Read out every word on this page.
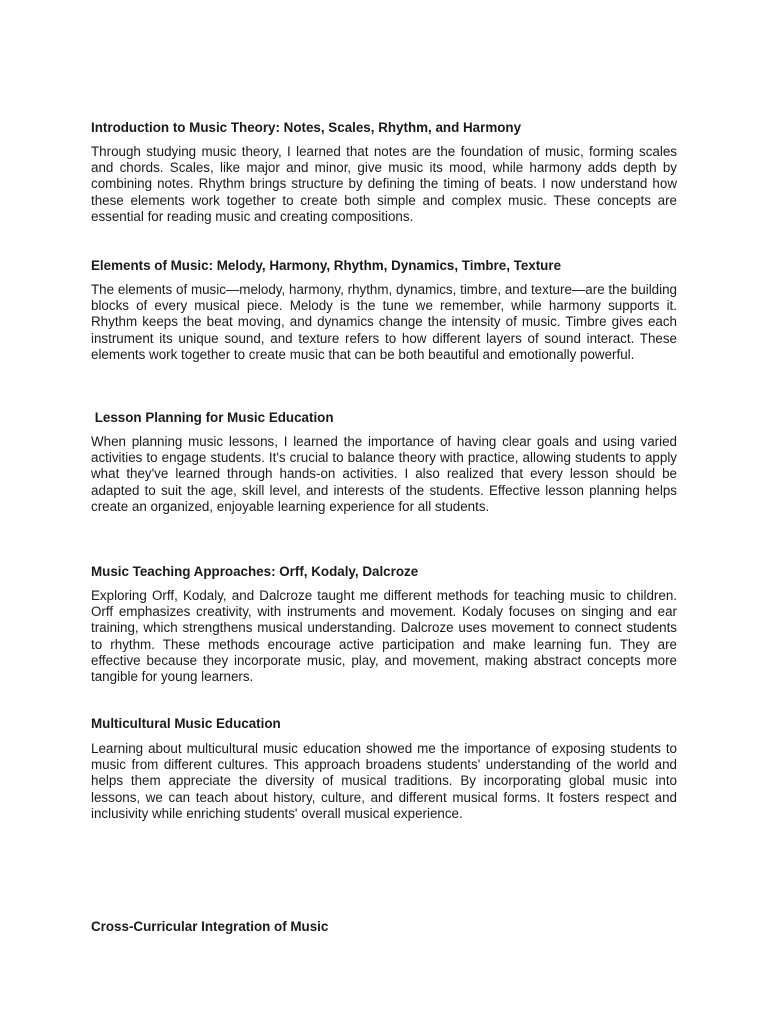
Introduction to Music Theory: Notes, Scales, Rhythm, and Harmony

Through studying music theory, I learned that notes are the foundation of music, forming scales and chords. Scales, like major and minor, give music its mood, while harmony adds depth by combining notes. Rhythm brings structure by defining the timing of beats. I now understand how these elements work together to create both simple and complex music. These concepts are essential for reading music and creating compositions.

Elements of Music: Melody, Harmony, Rhythm, Dynamics, Timbre, Texture

The elements of music—melody, harmony, rhythm, dynamics, timbre, and texture—are the building blocks of every musical piece. Melody is the tune we remember, while harmony supports it. Rhythm keeps the beat moving, and dynamics change the intensity of music. Timbre gives each instrument its unique sound, and texture refers to how different layers of sound interact. These elements work together to create music that can be both beautiful and emotionally powerful.

Lesson Planning for Music Education

When planning music lessons, I learned the importance of having clear goals and using varied activities to engage students. It's crucial to balance theory with practice, allowing students to apply what they've learned through hands-on activities. I also realized that every lesson should be adapted to suit the age, skill level, and interests of the students. Effective lesson planning helps create an organized, enjoyable learning experience for all students.

Music Teaching Approaches: Orff, Kodaly, Dalcroze

Exploring Orff, Kodaly, and Dalcroze taught me different methods for teaching music to children. Orff emphasizes creativity, with instruments and movement. Kodaly focuses on singing and ear training, which strengthens musical understanding. Dalcroze uses movement to connect students to rhythm. These methods encourage active participation and make learning fun. They are effective because they incorporate music, play, and movement, making abstract concepts more tangible for young learners.

Multicultural Music Education

Learning about multicultural music education showed me the importance of exposing students to music from different cultures. This approach broadens students' understanding of the world and helps them appreciate the diversity of musical traditions. By incorporating global music into lessons, we can teach about history, culture, and different musical forms. It fosters respect and inclusivity while enriching students' overall musical experience.

Cross-Curricular Integration of Music
